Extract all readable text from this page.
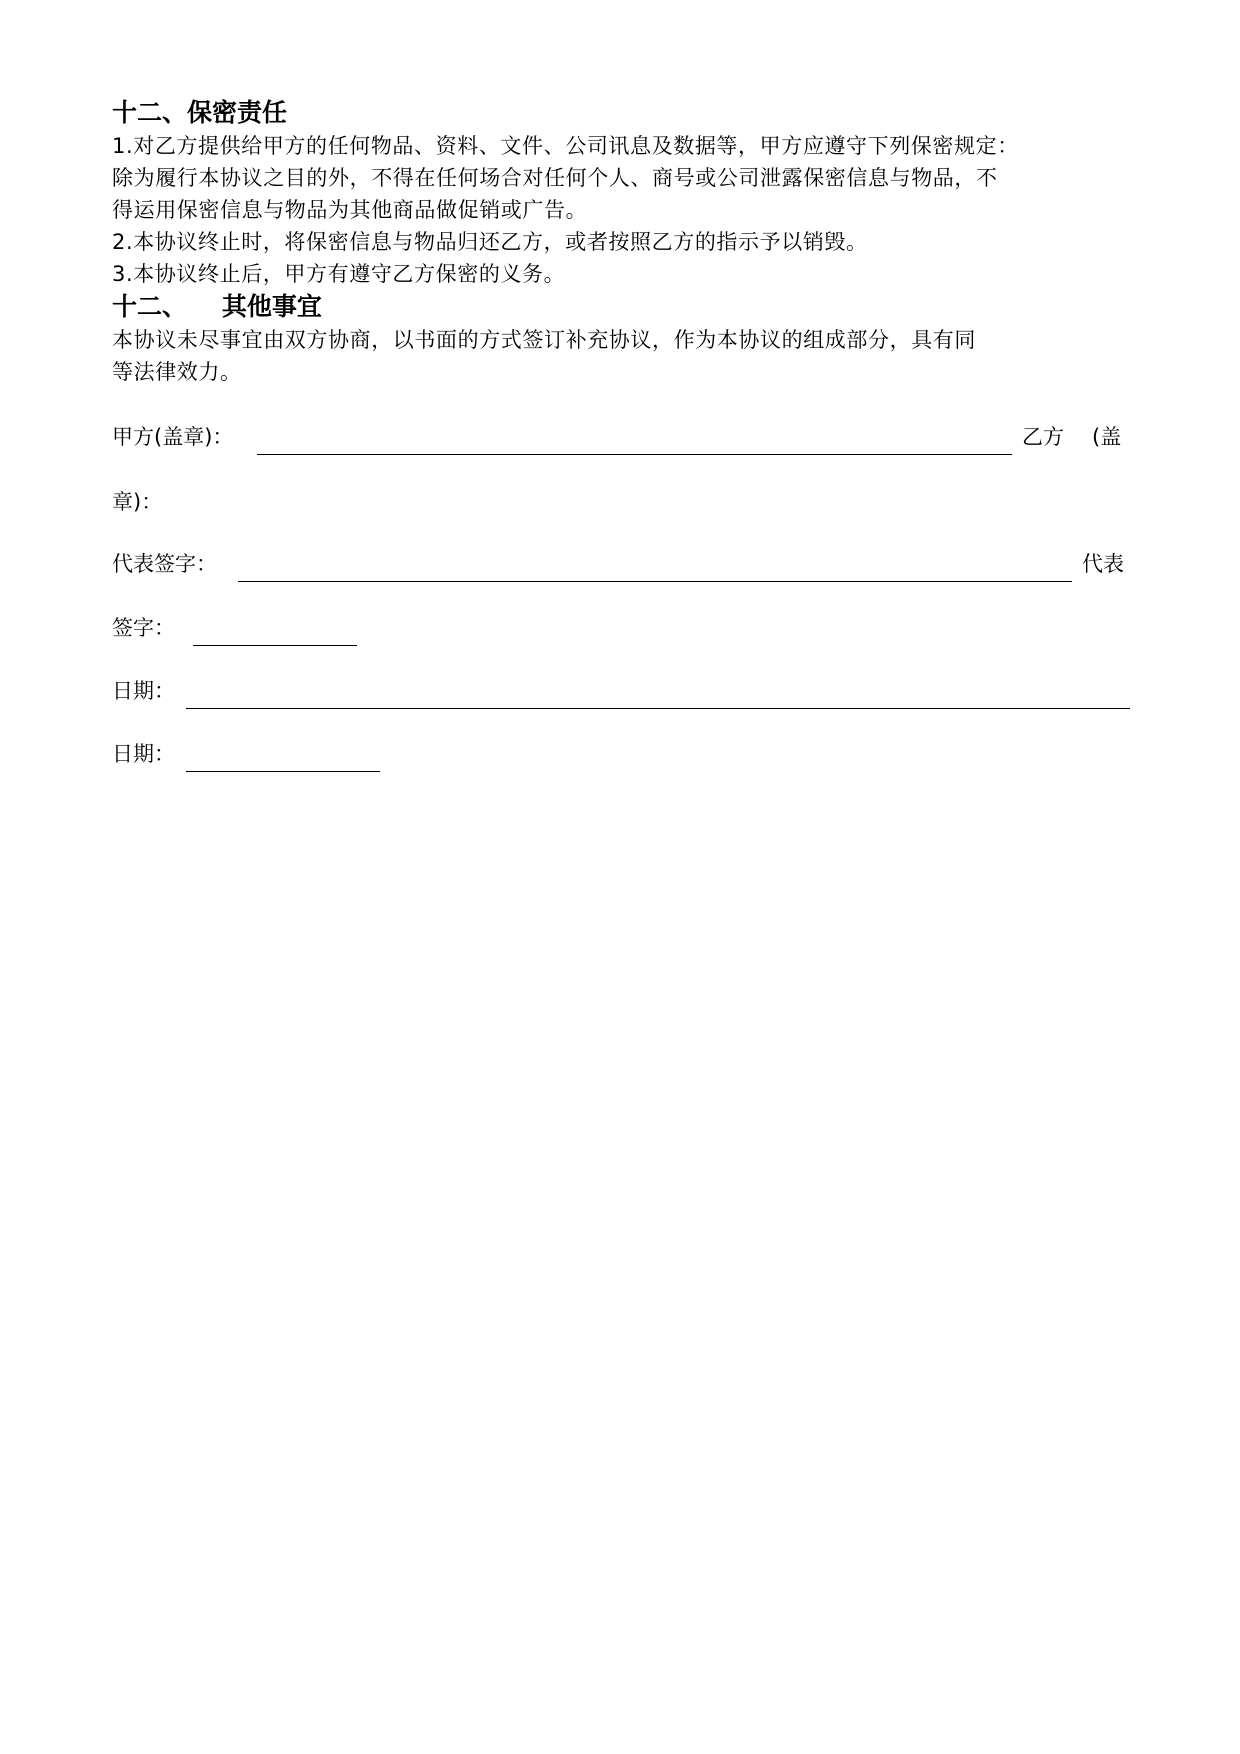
十二、保密责任

1.对乙方提供给甲方的任何物品、资料、文件、公司讯息及数据等，甲方应遵守下列保密规定：

除为履行本协议之目的外，不得在任何场合对任何个人、商号或公司泄露保密信息与物品，不

得运用保密信息与物品为其他商品做促销或广告。

2.本协议终止时，将保密信息与物品归还乙方，或者按照乙方的指示予以销毁。

3.本协议终止后，甲方有遵守乙方保密的义务。

十二、    其他事宜

本协议未尽事宜由双方协商，以书面的方式签订补充协议，作为本协议的组成部分，具有同

等法律效力。

甲方(盖章)：	乙方 (盖
章)：
代表签字：	代表
签字：
日期：
日期：
